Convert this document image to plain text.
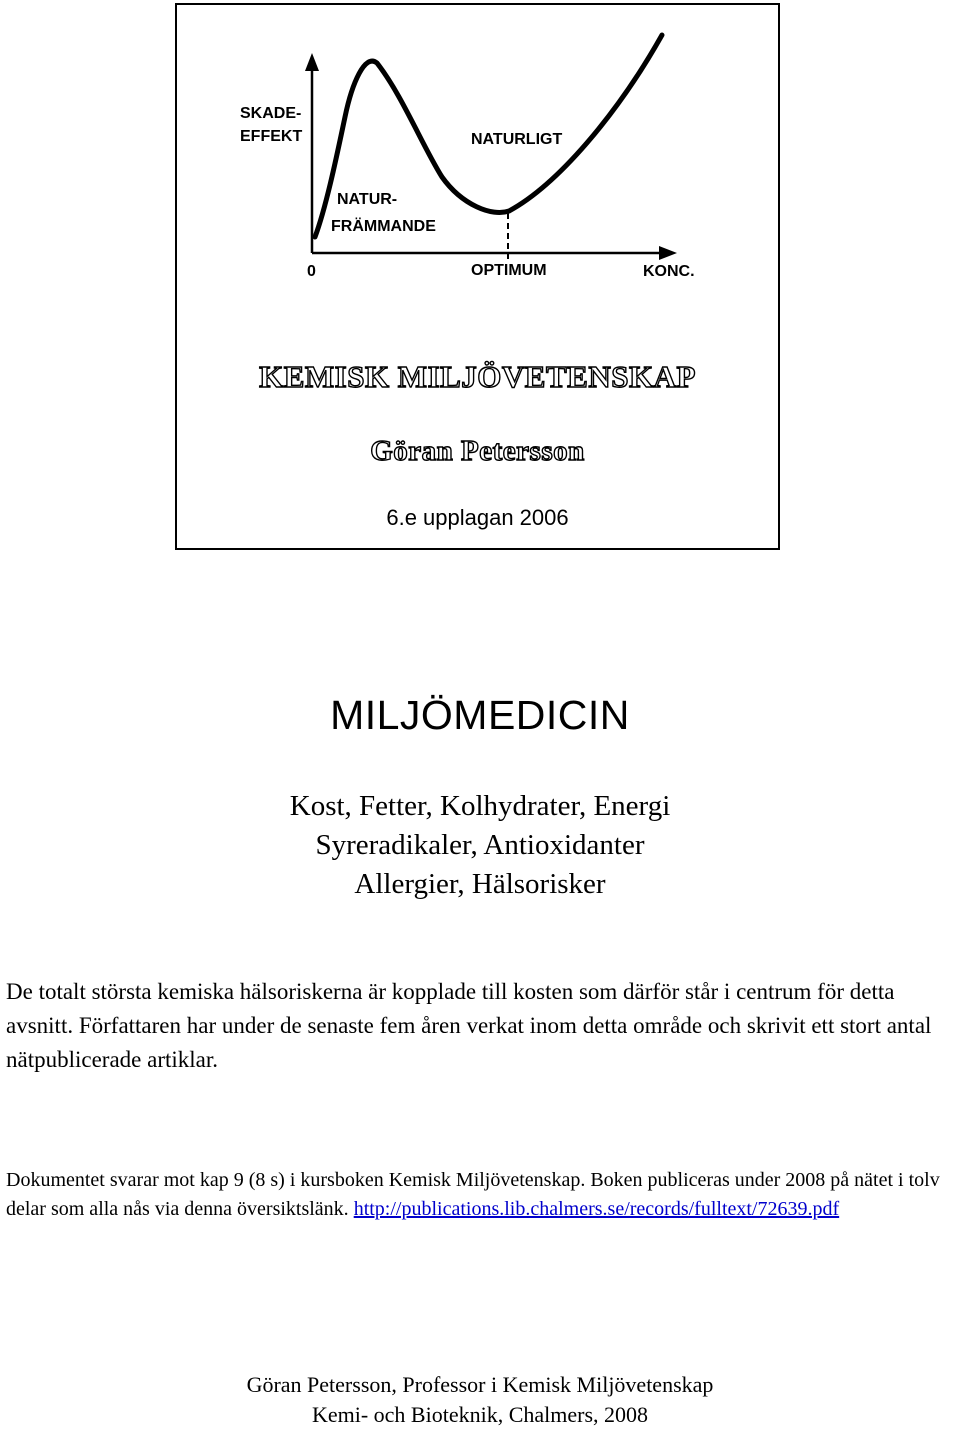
SKADE-
EFFEKT	NATURLIGT
NATUR-
FRÄMMANDE
0	OPTIMUM	KONC.
KEMISK MILJÖVETENSKAP
Göran Petersson
6.e upplagan 2006
MILJÖMEDICIN
Kost, Fetter, Kolhydrater, Energi
Syreradikaler, Antioxidanter
Allergier, Hälsorisker

De totalt största kemiska hälsoriskerna är kopplade till kosten som därför står i centrum för detta avsnitt. Författaren har under de senaste fem åren verkat inom detta område och skrivit ett stort antal nätpublicerade artiklar.

Dokumentet svarar mot kap 9 (8 s) i kursboken Kemisk Miljövetenskap. Boken publiceras under 2008 på nätet i tolv delar som alla nås via denna översiktslänk. http://publications.lib.chalmers.se/records/fulltext/72639.pdf

Göran Petersson, Professor i Kemisk Miljövetenskap
Kemi- och Bioteknik, Chalmers, 2008
